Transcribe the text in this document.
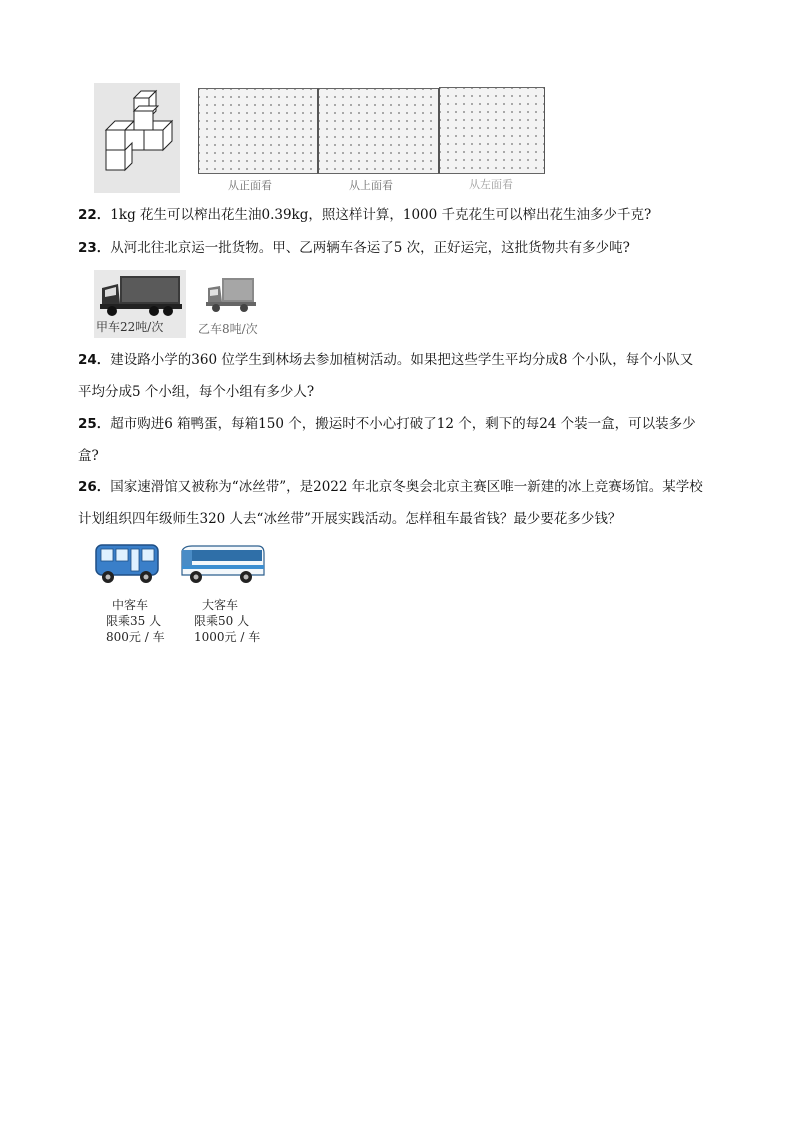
从正面看	从上面看	从左面看
22．1kg 花生可以榨出花生油0.39kg，照这样计算，1000 千克花生可以榨出花生油多少千克?
23．从河北往北京运一批货物。甲、乙两辆车各运了5 次，正好运完，这批货物共有多少吨?
甲车22吨/次	乙车8吨/次
24．建设路小学的360 位学生到林场去参加植树活动。如果把这些学生平均分成8 个小队，每个小队又
平均分成5 个小组，每个小组有多少人?
25．超市购进6 箱鸭蛋，每箱150 个，搬运时不小心打破了12 个，剩下的每24 个装一盒，可以装多少
盒?
26．国家速滑馆又被称为“冰丝带”，是2022 年北京冬奥会北京主赛区唯一新建的冰上竞赛场馆。某学校
计划组织四年级师生320 人去“冰丝带”开展实践活动。怎样租车最省钱？最少要花多少钱？
中客车
限乘35 人
800元 / 车
大客车
限乘50 人
1000元 / 车
